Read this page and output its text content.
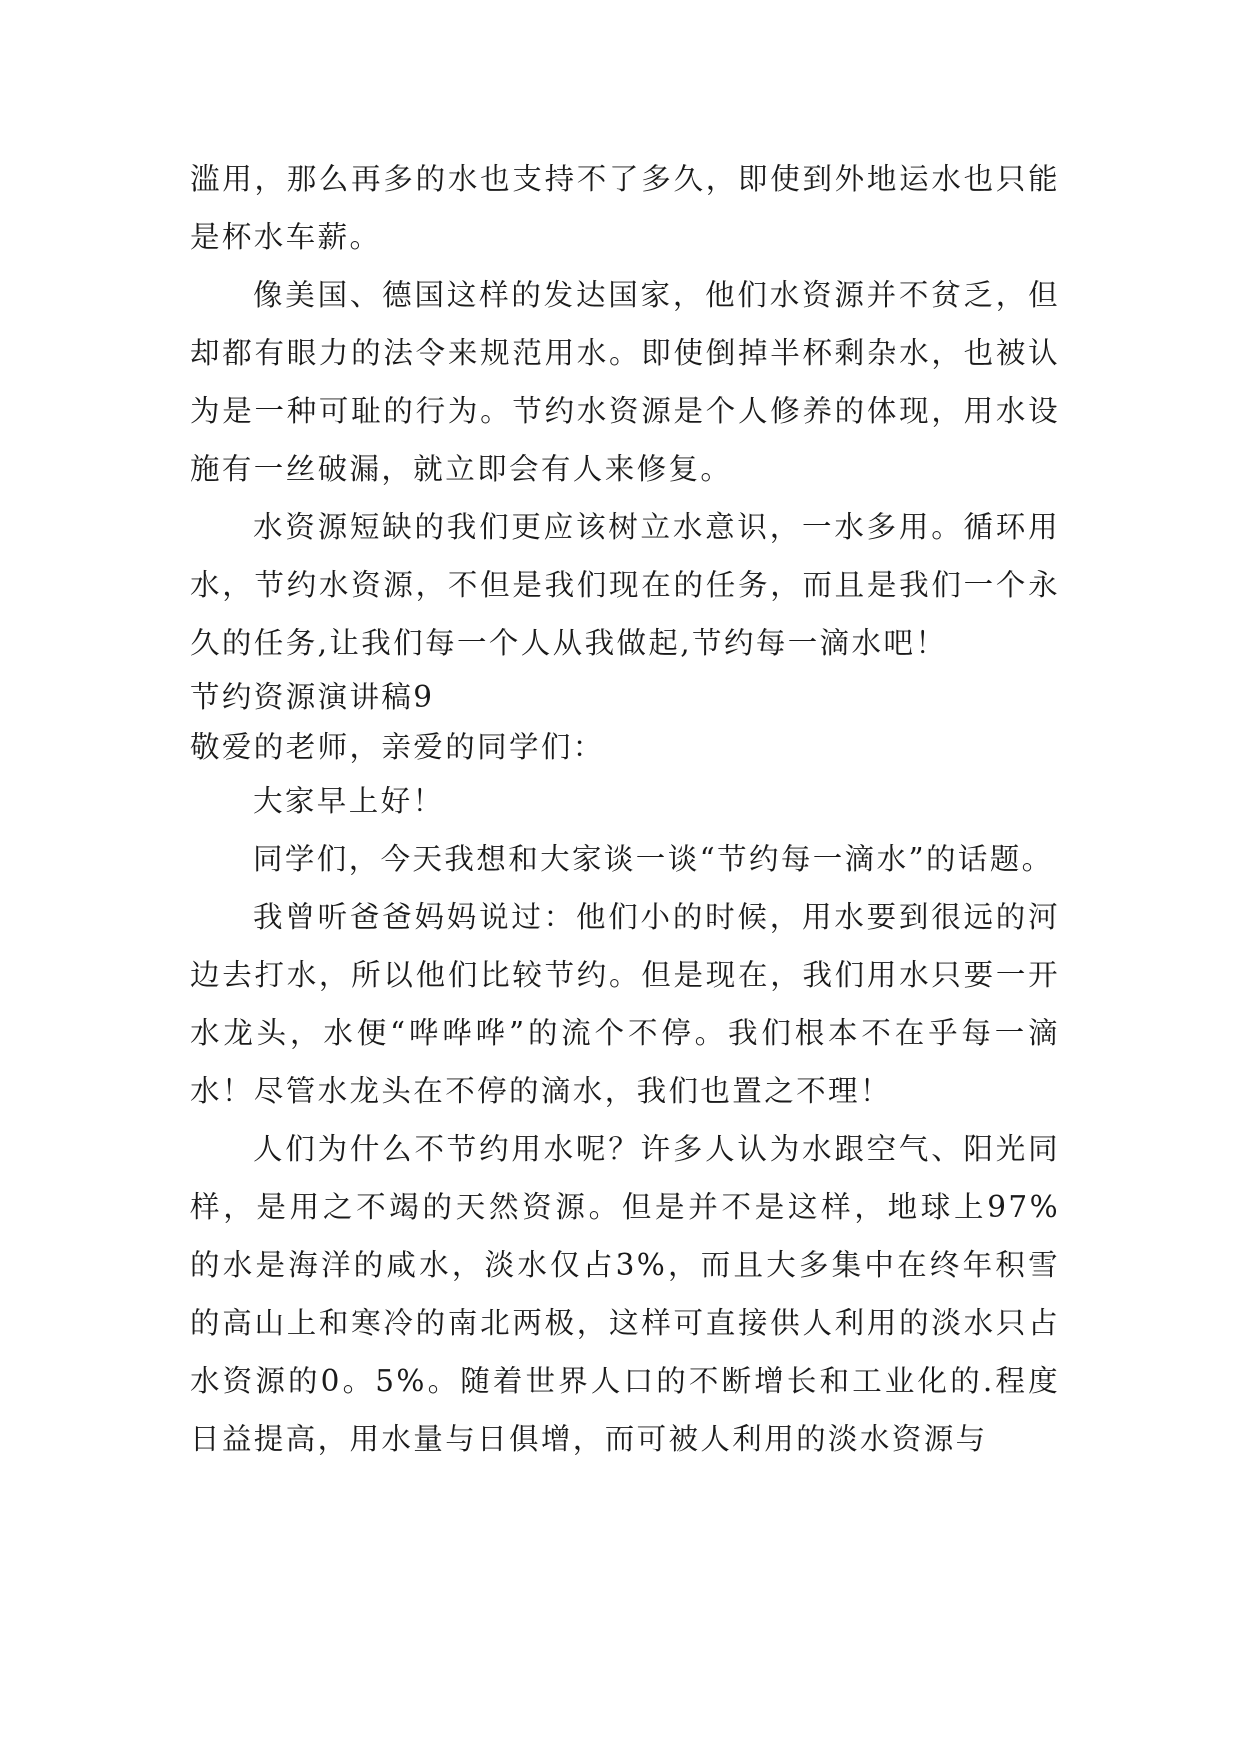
滥用，那么再多的水也支持不了多久，即使到外地运水也只能是杯水车薪。

像美国、德国这样的发达国家，他们水资源并不贫乏，但却都有眼力的法令来规范用水。即使倒掉半杯剩杂水，也被认为是一种可耻的行为。节约水资源是个人修养的体现，用水设施有一丝破漏，就立即会有人来修复。

水资源短缺的我们更应该树立水意识，一水多用。循环用水，节约水资源，不但是我们现在的任务，而且是我们一个永久的任务,让我们每一个人从我做起,节约每一滴水吧！

节约资源演讲稿9

敬爱的老师，亲爱的同学们：

大家早上好！

同学们，今天我想和大家谈一谈“节约每一滴水”的话题。

我曾听爸爸妈妈说过：他们小的时候，用水要到很远的河边去打水，所以他们比较节约。但是现在，我们用水只要一开水龙头，水便“哗哗哗”的流个不停。我们根本不在乎每一滴水！尽管水龙头在不停的滴水，我们也置之不理！

人们为什么不节约用水呢？许多人认为水跟空气、阳光同样，是用之不竭的天然资源。但是并不是这样，地球上97%的水是海洋的咸水，淡水仅占3%，而且大多集中在终年积雪的高山上和寒冷的南北两极，这样可直接供人利用的淡水只占水资源的0。5%。随着世界人口的不断增长和工业化的.程度日益提高，用水量与日俱增，而可被人利用的淡水资源与
